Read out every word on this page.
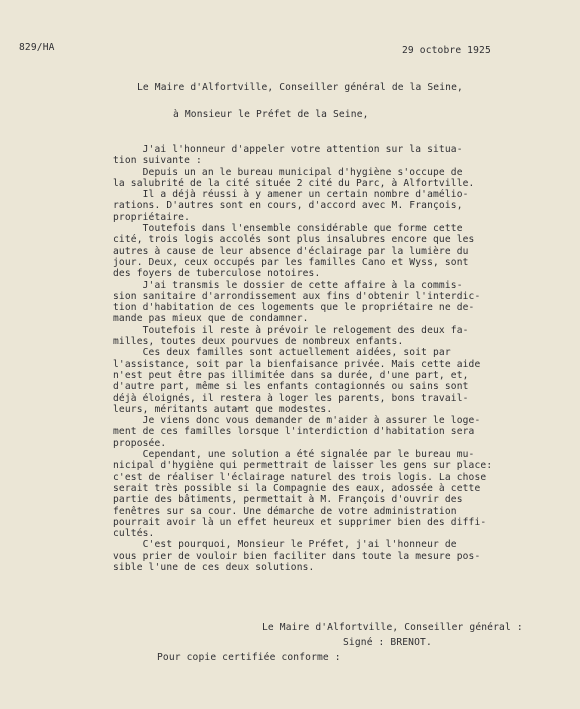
829/HA	29 octobre 1925
Le Maire d'Alfortville, Conseiller général de la Seine,
à Monsieur le Préfet de la Seine,
J'ai l'honneur d'appeler votre attention sur la situa-
tion suivante :
Depuis un an le bureau municipal d'hygiène s'occupe de
la salubrité de la cité située 2 cité du Parc, à Alfortville.
Il a déjà réussi à y amener un certain nombre d'amélio-
rations. D'autres sont en cours, d'accord avec M. François,
propriétaire.
Toutefois dans l'ensemble considérable que forme cette
cité, trois logis accolés sont plus insalubres encore que les
autres à cause de leur absence d'éclairage par la lumière du
jour. Deux, ceux occupés par les familles Cano et Wyss, sont
des foyers de tuberculose notoires.
J'ai transmis le dossier de cette affaire à la commis-
sion sanitaire d'arrondissement aux fins d'obtenir l'interdic-
tion d'habitation de ces logements que le propriétaire ne de-
mande pas mieux que de condamner.
Toutefois il reste à prévoir le relogement des deux fa-
milles, toutes deux pourvues de nombreux enfants.
Ces deux familles sont actuellement aidées, soit par
l'assistance, soit par la bienfaisance privée. Mais cette aide
n'est peut être pas illimitée dans sa durée, d'une part, et,
d'autre part, même si les enfants contagionnés ou sains sont
déjà éloignés, il restera à loger les parents, bons travail-
leurs, méritants autant que modestes.
Je viens donc vous demander de m'aider à assurer le loge-
ment de ces familles lorsque l'interdiction d'habitation sera
proposée.
Cependant, une solution a été signalée par le bureau mu-
nicipal d'hygiène qui permettrait de laisser les gens sur place:
c'est de réaliser l'éclairage naturel des trois logis. La chose
serait très possible si la Compagnie des eaux, adossée à cette
partie des bâtiments, permettait à M. François d'ouvrir des
fenêtres sur sa cour. Une démarche de votre administration
pourrait avoir là un effet heureux et supprimer bien des diffi-
cultés.
C'est pourquoi, Monsieur le Préfet, j'ai l'honneur de
vous prier de vouloir bien faciliter dans toute la mesure pos-
sible l'une de ces deux solutions.
Le Maire d'Alfortville, Conseiller général :
Signé : BRENOT.
Pour copie certifiée conforme :
